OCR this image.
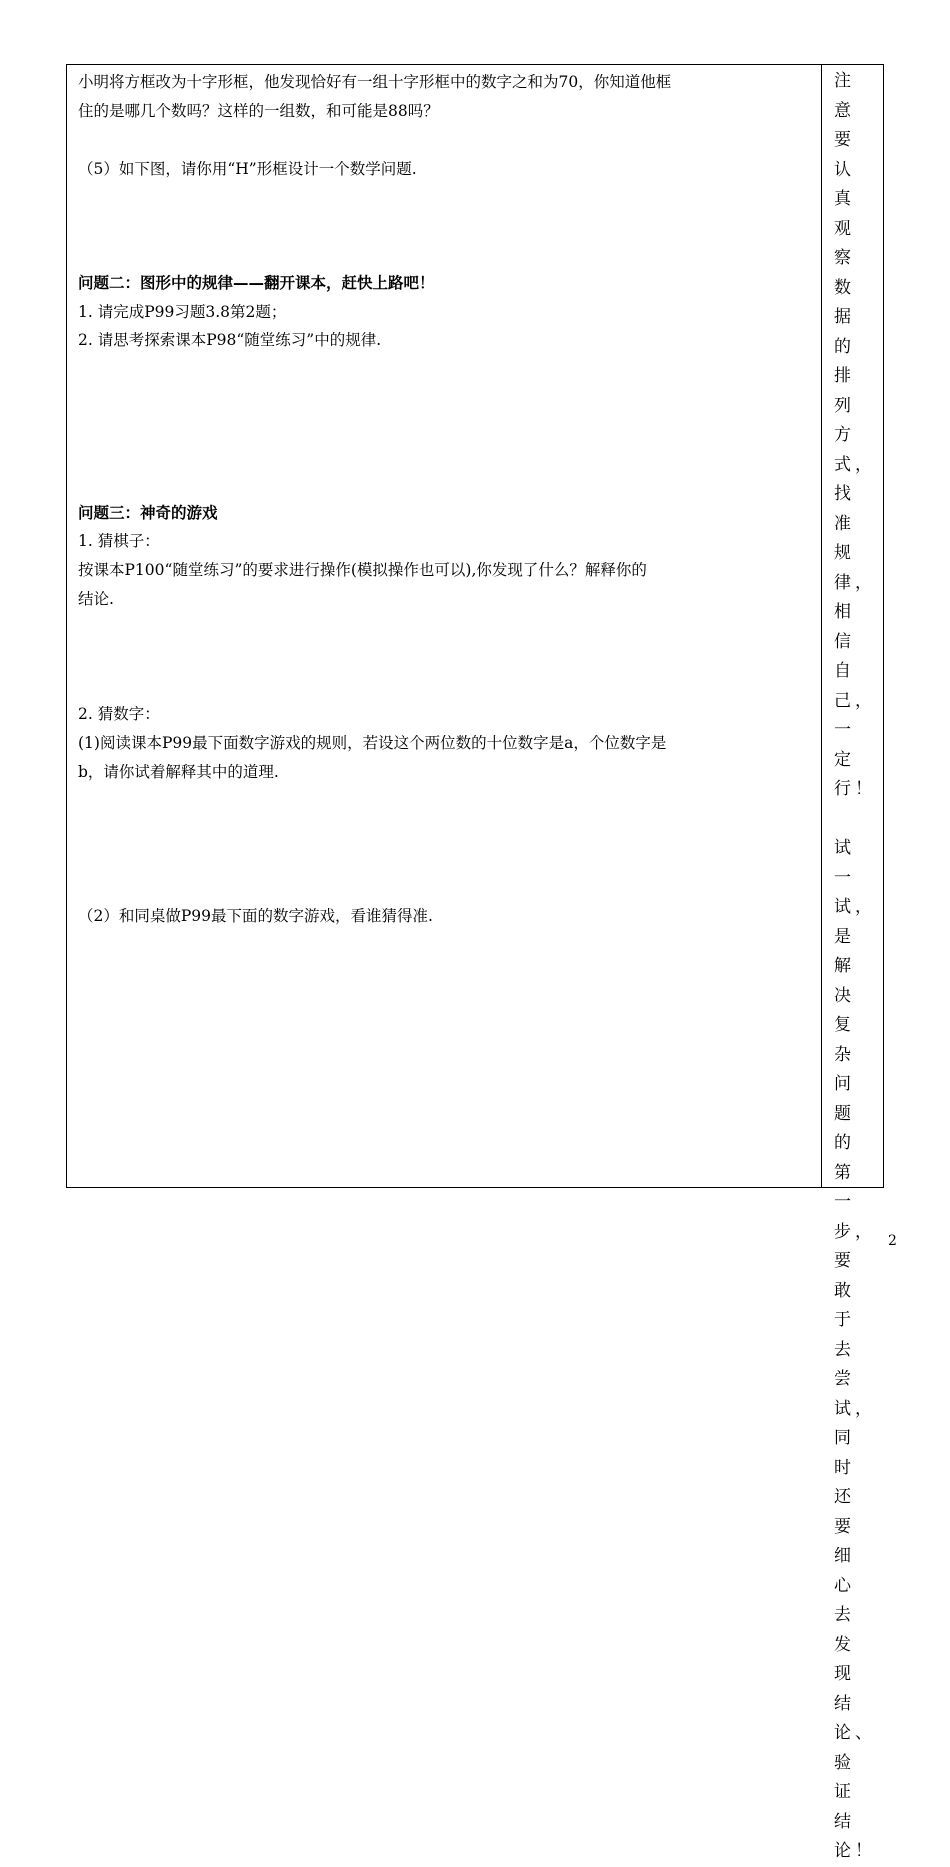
小明将方框改为十字形框，他发现恰好有一组十字形框中的数字之和为70，你知道他框
住的是哪几个数吗？这样的一组数，和可能是88吗？
（5）如下图，请你用“H”形框设计一个数学问题.
问题二：图形中的规律——翻开课本，赶快上路吧！
1. 请完成P99习题3.8第2题；
2. 请思考探索课本P98“随堂练习”中的规律.
问题三：神奇的游戏
1. 猜棋子：
按课本P100“随堂练习”的要求进行操作(模拟操作也可以),你发现了什么？解释你的
结论.
2. 猜数字：
(1)阅读课本P99最下面数字游戏的规则，若设这个两位数的十位数字是a，个位数字是
b，请你试着解释其中的道理.
（2）和同桌做P99最下面的数字游戏，看谁猜得准.
注意要认真观察数据的排列方式，找准规律，相信自己，一定行！
试一试，是解决复杂问题的第一步，要敢于去尝试，同时还要细心去发现结论、验证结论！
2
